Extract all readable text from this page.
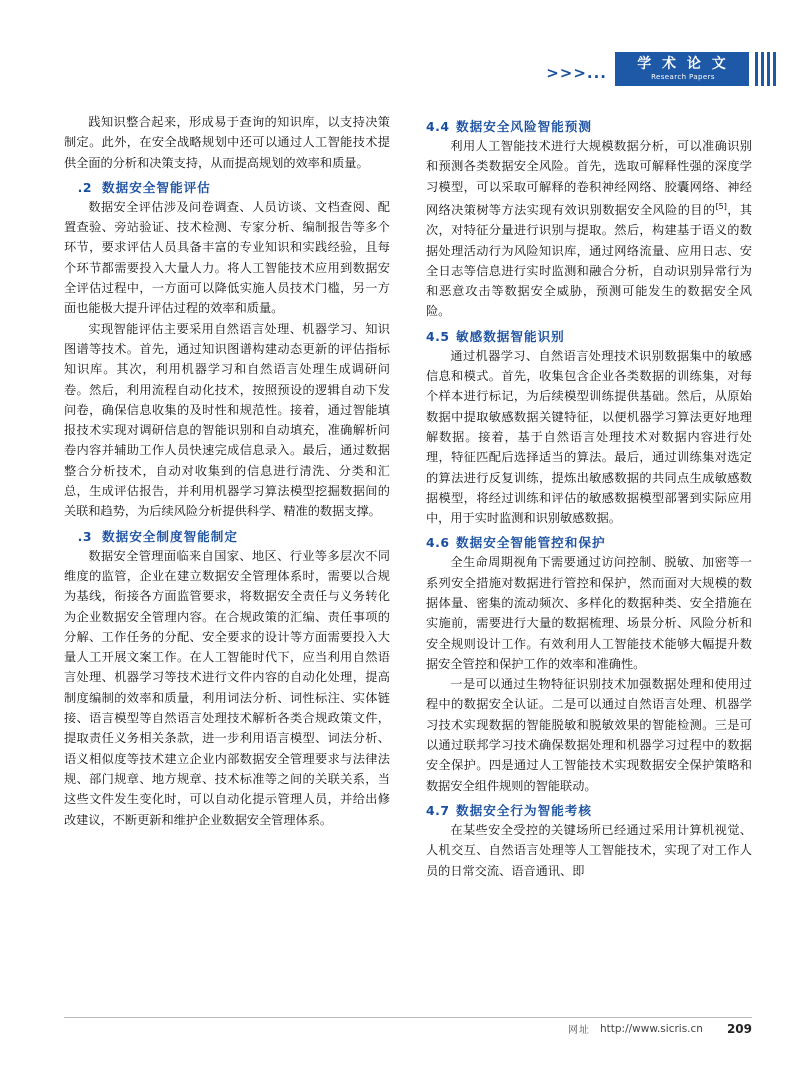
>>>...
学 术 论 文
Research Papers

践知识整合起来，形成易于查询的知识库，以支持决策制定。此外，在安全战略规划中还可以通过人工智能技术提供全面的分析和决策支持，从而提高规划的效率和质量。

.2 数据安全智能评估

数据安全评估涉及问卷调查、人员访谈、文档查阅、配置查验、旁站验证、技术检测、专家分析、编制报告等多个环节，要求评估人员具备丰富的专业知识和实践经验，且每个环节都需要投入大量人力。将人工智能技术应用到数据安全评估过程中，一方面可以降低实施人员技术门槛，另一方面也能极大提升评估过程的效率和质量。

实现智能评估主要采用自然语言处理、机器学习、知识图谱等技术。首先，通过知识图谱构建动态更新的评估指标知识库。其次，利用机器学习和自然语言处理生成调研问卷。然后，利用流程自动化技术，按照预设的逻辑自动下发问卷，确保信息收集的及时性和规范性。接着，通过智能填报技术实现对调研信息的智能识别和自动填充，准确解析问卷内容并辅助工作人员快速完成信息录入。最后，通过数据整合分析技术，自动对收集到的信息进行清洗、分类和汇总，生成评估报告，并利用机器学习算法模型挖掘数据间的关联和趋势，为后续风险分析提供科学、精准的数据支撑。

.3 数据安全制度智能制定

数据安全管理面临来自国家、地区、行业等多层次不同维度的监管，企业在建立数据安全管理体系时，需要以合规为基线，衔接各方面监管要求，将数据安全责任与义务转化为企业数据安全管理内容。在合规政策的汇编、责任事项的分解、工作任务的分配、安全要求的设计等方面需要投入大量人工开展文案工作。在人工智能时代下，应当利用自然语言处理、机器学习等技术进行文件内容的自动化处理，提高制度编制的效率和质量，利用词法分析、词性标注、实体链接、语言模型等自然语言处理技术解析各类合规政策文件，提取责任义务相关条款，进一步利用语言模型、词法分析、语义相似度等技术建立企业内部数据安全管理要求与法律法规、部门规章、地方规章、技术标准等之间的关联关系，当这些文件发生变化时，可以自动化提示管理人员，并给出修改建议，不断更新和维护企业数据安全管理体系。

4.4 数据安全风险智能预测

利用人工智能技术进行大规模数据分析，可以准确识别和预测各类数据安全风险。首先，选取可解释性强的深度学习模型，可以采取可解释的卷积神经网络、胶囊网络、神经网络决策树等方法实现有效识别数据安全风险的目的[5]，其次，对特征分量进行识别与提取。然后，构建基于语义的数据处理活动行为风险知识库，通过网络流量、应用日志、安全日志等信息进行实时监测和融合分析，自动识别异常行为和恶意攻击等数据安全威胁，预测可能发生的数据安全风险。

4.5 敏感数据智能识别

通过机器学习、自然语言处理技术识别数据集中的敏感信息和模式。首先，收集包含企业各类数据的训练集，对每个样本进行标记，为后续模型训练提供基础。然后，从原始数据中提取敏感数据关键特征，以便机器学习算法更好地理解数据。接着，基于自然语言处理技术对数据内容进行处理，特征匹配后选择适当的算法。最后，通过训练集对选定的算法进行反复训练，提炼出敏感数据的共同点生成敏感数据模型，将经过训练和评估的敏感数据模型部署到实际应用中，用于实时监测和识别敏感数据。

4.6 数据安全智能管控和保护

全生命周期视角下需要通过访问控制、脱敏、加密等一系列安全措施对数据进行管控和保护，然而面对大规模的数据体量、密集的流动频次、多样化的数据种类、安全措施在实施前，需要进行大量的数据梳理、场景分析、风险分析和安全规则设计工作。有效利用人工智能技术能够大幅提升数据安全管控和保护工作的效率和准确性。

一是可以通过生物特征识别技术加强数据处理和使用过程中的数据安全认证。二是可以通过自然语言处理、机器学习技术实现数据的智能脱敏和脱敏效果的智能检测。三是可以通过联邦学习技术确保数据处理和机器学习过程中的数据安全保护。四是通过人工智能技术实现数据安全保护策略和数据安全组件规则的智能联动。

4.7 数据安全行为智能考核

在某些安全受控的关键场所已经通过采用计算机视觉、人机交互、自然语言处理等人工智能技术，实现了对工作人员的日常交流、语音通讯、即

网址 http://www.sicris.cn 209
